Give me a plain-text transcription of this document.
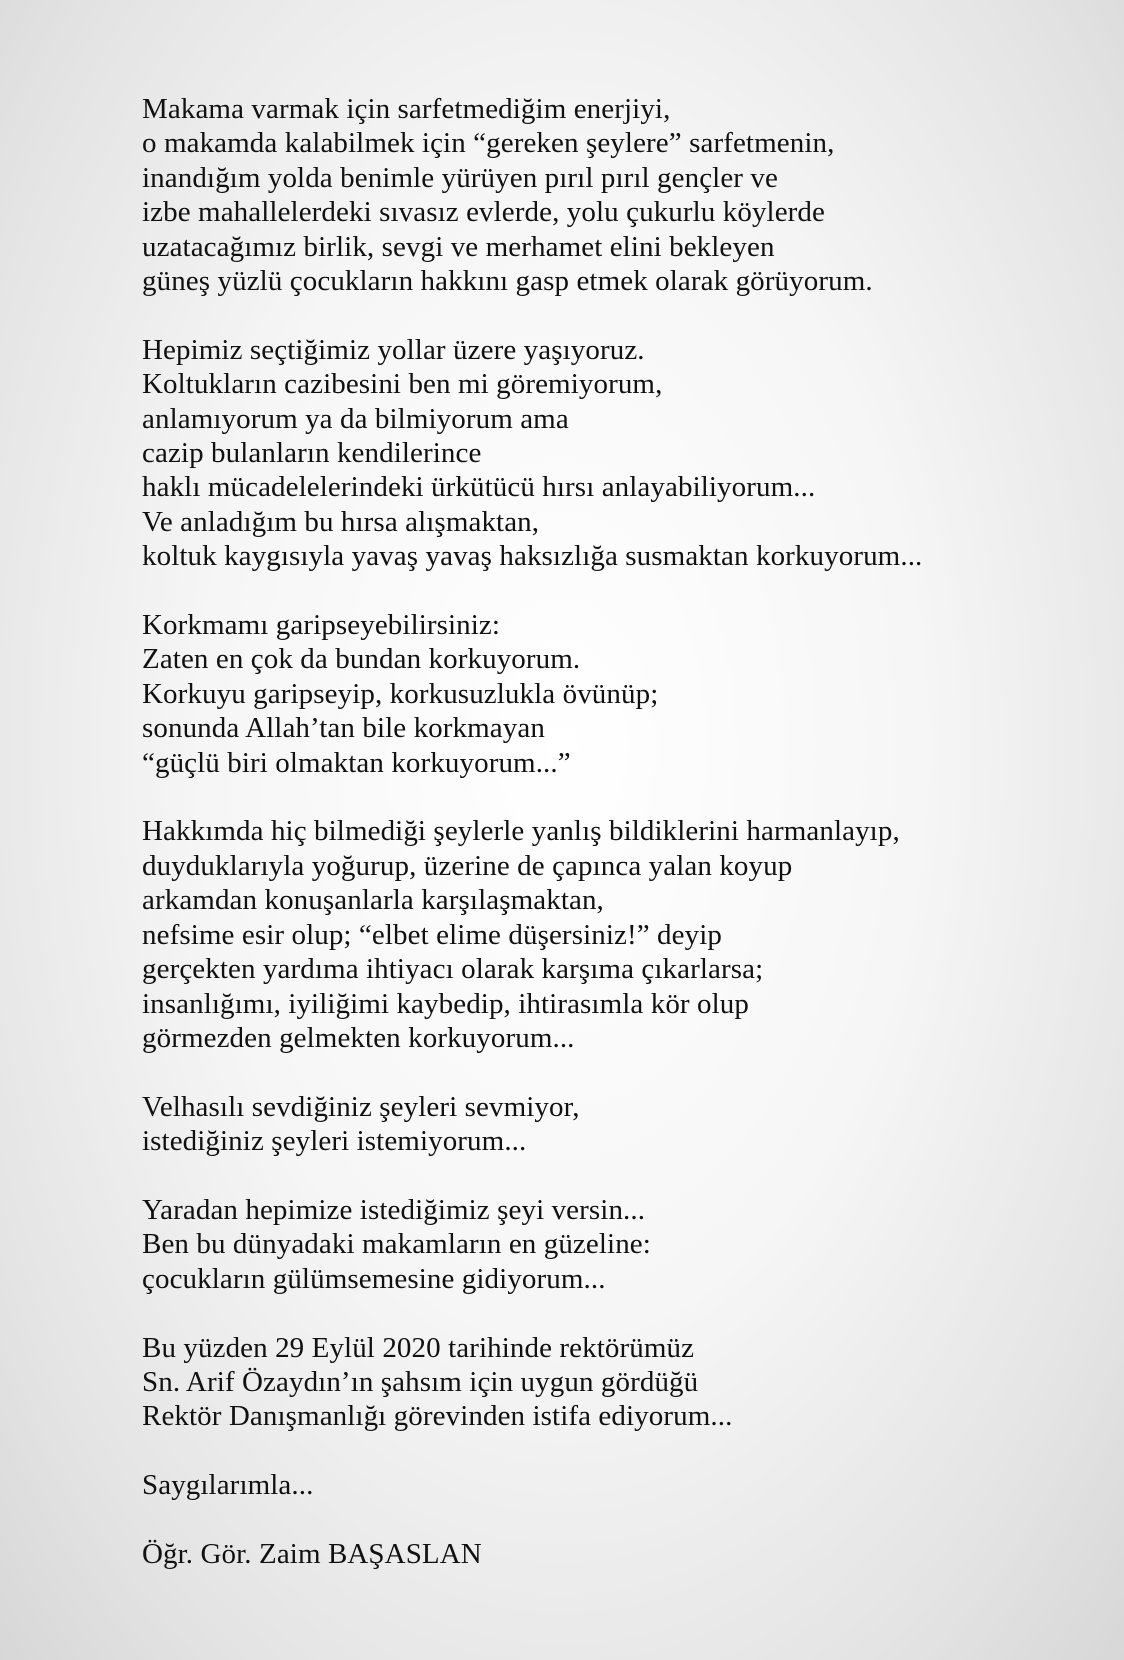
Makama varmak için sarfetmediğim enerjiyi,
o makamda kalabilmek için “gereken şeylere” sarfetmenin,
inandığım yolda benimle yürüyen pırıl pırıl gençler ve
izbe mahallelerdeki sıvasız evlerde, yolu çukurlu köylerde
uzatacağımız birlik, sevgi ve merhamet elini bekleyen
güneş yüzlü çocukların hakkını gasp etmek olarak görüyorum.

Hepimiz seçtiğimiz yollar üzere yaşıyoruz.
Koltukların cazibesini ben mi göremiyorum,
anlamıyorum ya da bilmiyorum ama
cazip bulanların kendilerince
haklı mücadelelerindeki ürkütücü hırsı anlayabiliyorum...
Ve anladığım bu hırsa alışmaktan,
koltuk kaygısıyla yavaş yavaş haksızlığa susmaktan korkuyorum...

Korkmamı garipseyebilirsiniz:
Zaten en çok da bundan korkuyorum.
Korkuyu garipseyip, korkusuzlukla övünüp;
sonunda Allah’tan bile korkmayan
“güçlü biri olmaktan korkuyorum...”

Hakkımda hiç bilmediği şeylerle yanlış bildiklerini harmanlayıp,
duyduklarıyla yoğurup, üzerine de çapınca yalan koyup
arkamdan konuşanlarla karşılaşmaktan,
nefsime esir olup; “elbet elime düşersiniz!” deyip
gerçekten yardıma ihtiyacı olarak karşıma çıkarlarsa;
insanlığımı, iyiliğimi kaybedip, ihtirasımla kör olup
görmezden gelmekten korkuyorum...

Velhasılı sevdiğiniz şeyleri sevmiyor,
istediğiniz şeyleri istemiyorum...

Yaradan hepimize istediğimiz şeyi versin...
Ben bu dünyadaki makamların en güzeline:
çocukların gülümsemesine gidiyorum...

Bu yüzden 29 Eylül 2020 tarihinde rektörümüz
Sn. Arif Özaydın’ın şahsım için uygun gördüğü
Rektör Danışmanlığı görevinden istifa ediyorum...

Saygılarımla...

Öğr. Gör. Zaim BAŞASLAN
